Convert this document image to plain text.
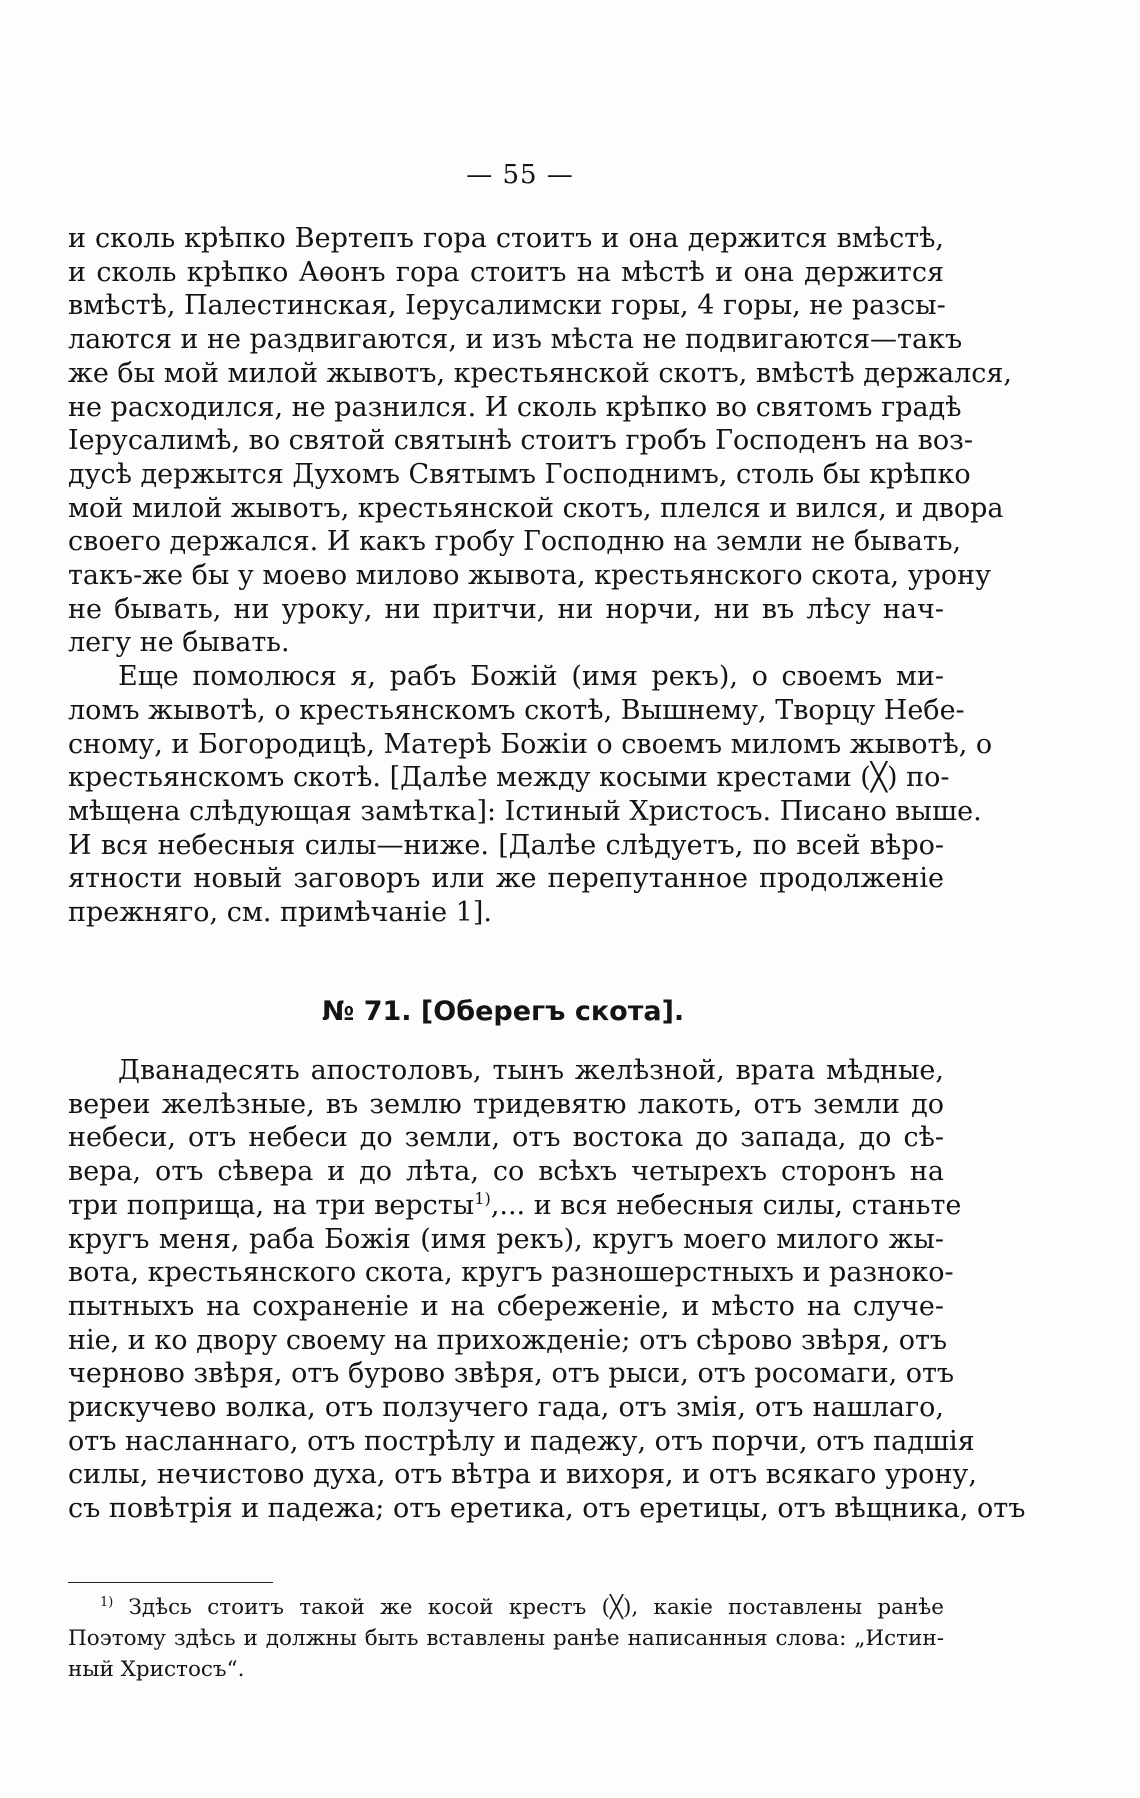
— 55 —
и сколь крѣпко Вертепъ гора стоитъ и она держится вмѣстѣ,
и сколь крѣпко Аѳонъ гора стоитъ на мѣстѣ и она держится
вмѣстѣ, Палестинская, Іерусалимски горы, 4 горы, не разсы-
лаются и не раздвигаются, и изъ мѣста не подвигаются—такъ
же бы мой милой жывотъ, крестьянской скотъ, вмѣстѣ держался,
не расходился, не разнился. И сколь крѣпко во святомъ градѣ
Іерусалимѣ, во святой святынѣ стоитъ гробъ Господенъ на воз-
дусѣ держытся Духомъ Святымъ Господнимъ, столь бы крѣпко
мой милой жывотъ, крестьянской скотъ, плелся и вился, и двора
своего держался. И какъ гробу Господню на земли не бывать,
такъ-же бы у моево милово жывота, крестьянского скота, урону
не бывать, ни уроку, ни притчи, ни норчи, ни въ лѣсу нач-
легу не бывать.
Еще помолюся я, рабъ Божій (имя рекъ), о своемъ ми-
ломъ жывотѣ, о крестьянскомъ скотѣ, Вышнему, Творцу Небе-
сному, и Богородицѣ, Матерѣ Божіи о своемъ миломъ жывотѣ, о
крестьянскомъ скотѣ. [Далѣе между косыми крестами (╳) по-
мѣщена слѣдующая замѣтка]: Істиный Христосъ. Писано выше.
И вся небесныя силы—ниже. [Далѣе слѣдуетъ, по всей вѣро-
ятности новый заговоръ или же перепутанное продолженіе
прежняго, см. примѣчаніе 1].
№ 71. [Оберегъ скота].
Дванадесять апостоловъ, тынъ желѣзной, врата мѣдные,
вереи желѣзные, въ землю тридевятю лакоть, отъ земли до
небеси, отъ небеси до земли, отъ востока до запада, до сѣ-
вера, отъ сѣвера и до лѣта, со всѣхъ четырехъ сторонъ на
три поприща, на три версты$^{1)}$,... и вся небесныя силы, станьте
кругъ меня, раба Божія (имя рекъ), кругъ моего милого жы-
вота, крестьянского скота, кругъ разношерстныхъ и разноко-
пытныхъ на сохраненіе и на сбереженіе, и мѣсто на случе-
ніе, и ко двору своему на прихожденіе; отъ сѣрово звѣря, отъ
черново звѣря, отъ бурово звѣря, отъ рыси, отъ росомаги, отъ
рискучево волка, отъ ползучего гада, отъ змія, отъ нашлаго,
отъ насланнаго, отъ пострѣлу и падежу, отъ порчи, отъ падшія
силы, нечистово духа, отъ вѣтра и вихоря, и отъ всякаго урону,
съ повѣтрія и падежа; отъ еретика, отъ еретицы, отъ вѣщника, отъ
$^{1)}$ Здѣсь стоитъ такой же косой крестъ (╳), какіе поставлены ранѣе
Поэтому здѣсь и должны быть вставлены ранѣе написанныя слова: „Истин-
ный Христосъ“.
